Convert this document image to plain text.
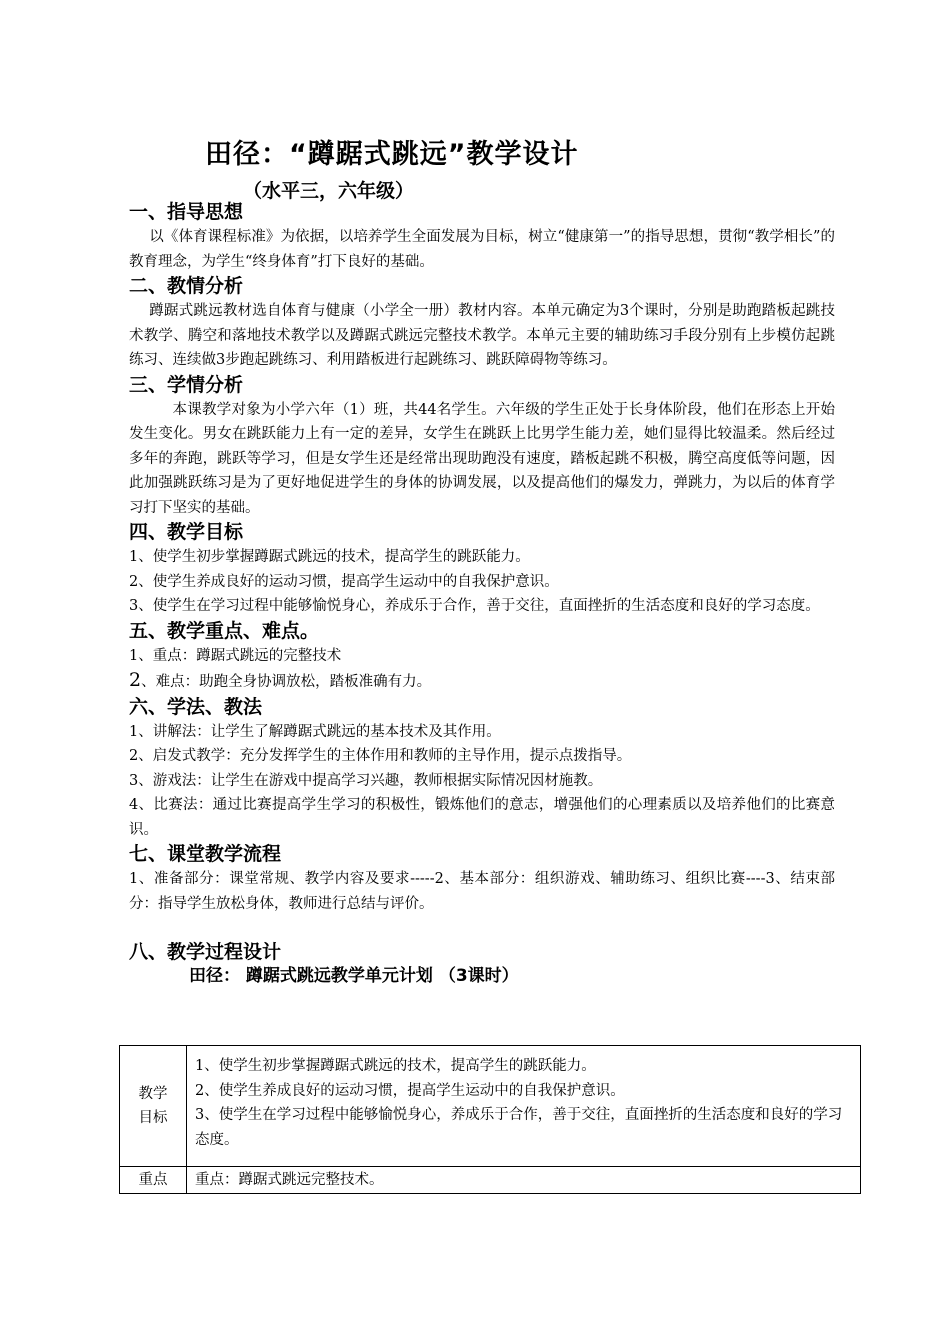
田径：“蹲踞式跳远”教学设计
（水平三，六年级）

一、指导思想

以《体育课程标准》为依据，以培养学生全面发展为目标，树立“健康第一”的指导思想，贯彻“教学相长”的教育理念，为学生“终身体育”打下良好的基础。

二、教情分析

蹲踞式跳远教材选自体育与健康（小学全一册）教材内容。本单元确定为3个课时，分别是助跑踏板起跳技术教学、腾空和落地技术教学以及蹲踞式跳远完整技术教学。本单元主要的辅助练习手段分别有上步模仿起跳练习、连续做3步跑起跳练习、利用踏板进行起跳练习、跳跃障碍物等练习。

三、学情分析

本课教学对象为小学六年（1）班，共44名学生。六年级的学生正处于长身体阶段，他们在形态上开始发生变化。男女在跳跃能力上有一定的差异，女学生在跳跃上比男学生能力差，她们显得比较温柔。然后经过多年的奔跑，跳跃等学习，但是女学生还是经常出现助跑没有速度，踏板起跳不积极，腾空高度低等问题，因此加强跳跃练习是为了更好地促进学生的身体的协调发展，以及提高他们的爆发力，弹跳力，为以后的体育学习打下坚实的基础。

四、教学目标

1、使学生初步掌握蹲踞式跳远的技术，提高学生的跳跃能力。

2、使学生养成良好的运动习惯，提高学生运动中的自我保护意识。

3、使学生在学习过程中能够愉悦身心，养成乐于合作，善于交往，直面挫折的生活态度和良好的学习态度。

五、教学重点、难点。

1、重点：蹲踞式跳远的完整技术

2、难点：助跑全身协调放松，踏板准确有力。

六、学法、教法

1、讲解法：让学生了解蹲踞式跳远的基本技术及其作用。

2、启发式教学：充分发挥学生的主体作用和教师的主导作用，提示点拨指导。

3、游戏法：让学生在游戏中提高学习兴趣，教师根据实际情况因材施教。

4、比赛法：通过比赛提高学生学习的积极性，锻炼他们的意志，增强他们的心理素质以及培养他们的比赛意识。

七、课堂教学流程

1、准备部分：课堂常规、教学内容及要求-----2、基本部分：组织游戏、辅助练习、组织比赛----3、结束部分：指导学生放松身体，教师进行总结与评价。

八、教学过程设计

田径： 蹲踞式跳远教学单元计划 （3课时）

教学目标	1、使学生初步掌握蹲踞式跳远的技术，提高学生的跳跃能力。
2、使学生养成良好的运动习惯，提高学生运动中的自我保护意识。
3、使学生在学习过程中能够愉悦身心，养成乐于合作，善于交往，直面挫折的生活态度和良好的学习态度。

重点	重点：蹲踞式跳远完整技术。
